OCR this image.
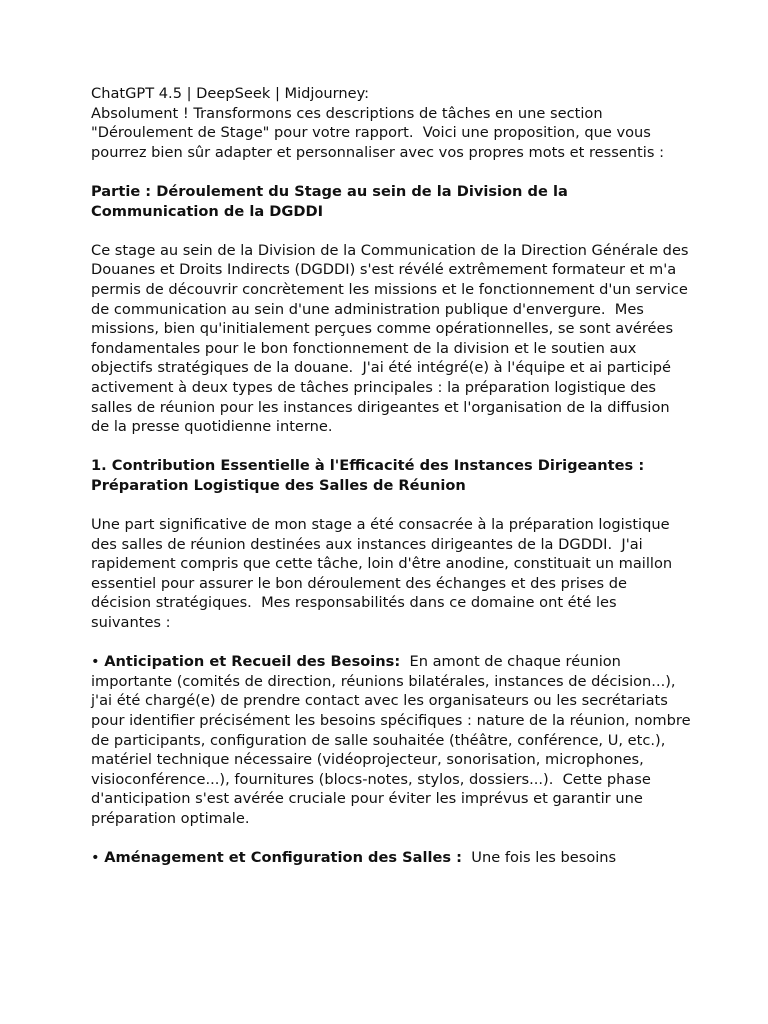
ChatGPT 4.5 | DeepSeek | Midjourney:
Absolument ! Transformons ces descriptions de tâches en une section "Déroulement de Stage" pour votre rapport.  Voici une proposition, que vous pourrez bien sûr adapter et personnaliser avec vos propres mots et ressentis :

Partie : Déroulement du Stage au sein de la Division de la Communication de la DGDDI

Ce stage au sein de la Division de la Communication de la Direction Générale des Douanes et Droits Indirects (DGDDI) s'est révélé extrêmement formateur et m'a permis de découvrir concrètement les missions et le fonctionnement d'un service de communication au sein d'une administration publique d'envergure.  Mes missions, bien qu'initialement perçues comme opérationnelles, se sont avérées fondamentales pour le bon fonctionnement de la division et le soutien aux objectifs stratégiques de la douane.  J'ai été intégré(e) à l'équipe et ai participé activement à deux types de tâches principales : la préparation logistique des salles de réunion pour les instances dirigeantes et l'organisation de la diffusion de la presse quotidienne interne.

1. Contribution Essentielle à l'Efficacité des Instances Dirigeantes : Préparation Logistique des Salles de Réunion

Une part significative de mon stage a été consacrée à la préparation logistique des salles de réunion destinées aux instances dirigeantes de la DGDDI.  J'ai rapidement compris que cette tâche, loin d'être anodine, constituait un maillon essentiel pour assurer le bon déroulement des échanges et des prises de décision stratégiques.  Mes responsabilités dans ce domaine ont été les suivantes :

• Anticipation et Recueil des Besoins:  En amont de chaque réunion importante (comités de direction, réunions bilatérales, instances de décision...), j'ai été chargé(e) de prendre contact avec les organisateurs ou les secrétariats pour identifier précisément les besoins spécifiques : nature de la réunion, nombre de participants, configuration de salle souhaitée (théâtre, conférence, U, etc.),  matériel technique nécessaire (vidéoprojecteur, sonorisation, microphones, visioconférence...), fournitures (blocs-notes, stylos, dossiers...).  Cette phase d'anticipation s'est avérée cruciale pour éviter les imprévus et garantir une préparation optimale.

• Aménagement et Configuration des Salles :  Une fois les besoins
